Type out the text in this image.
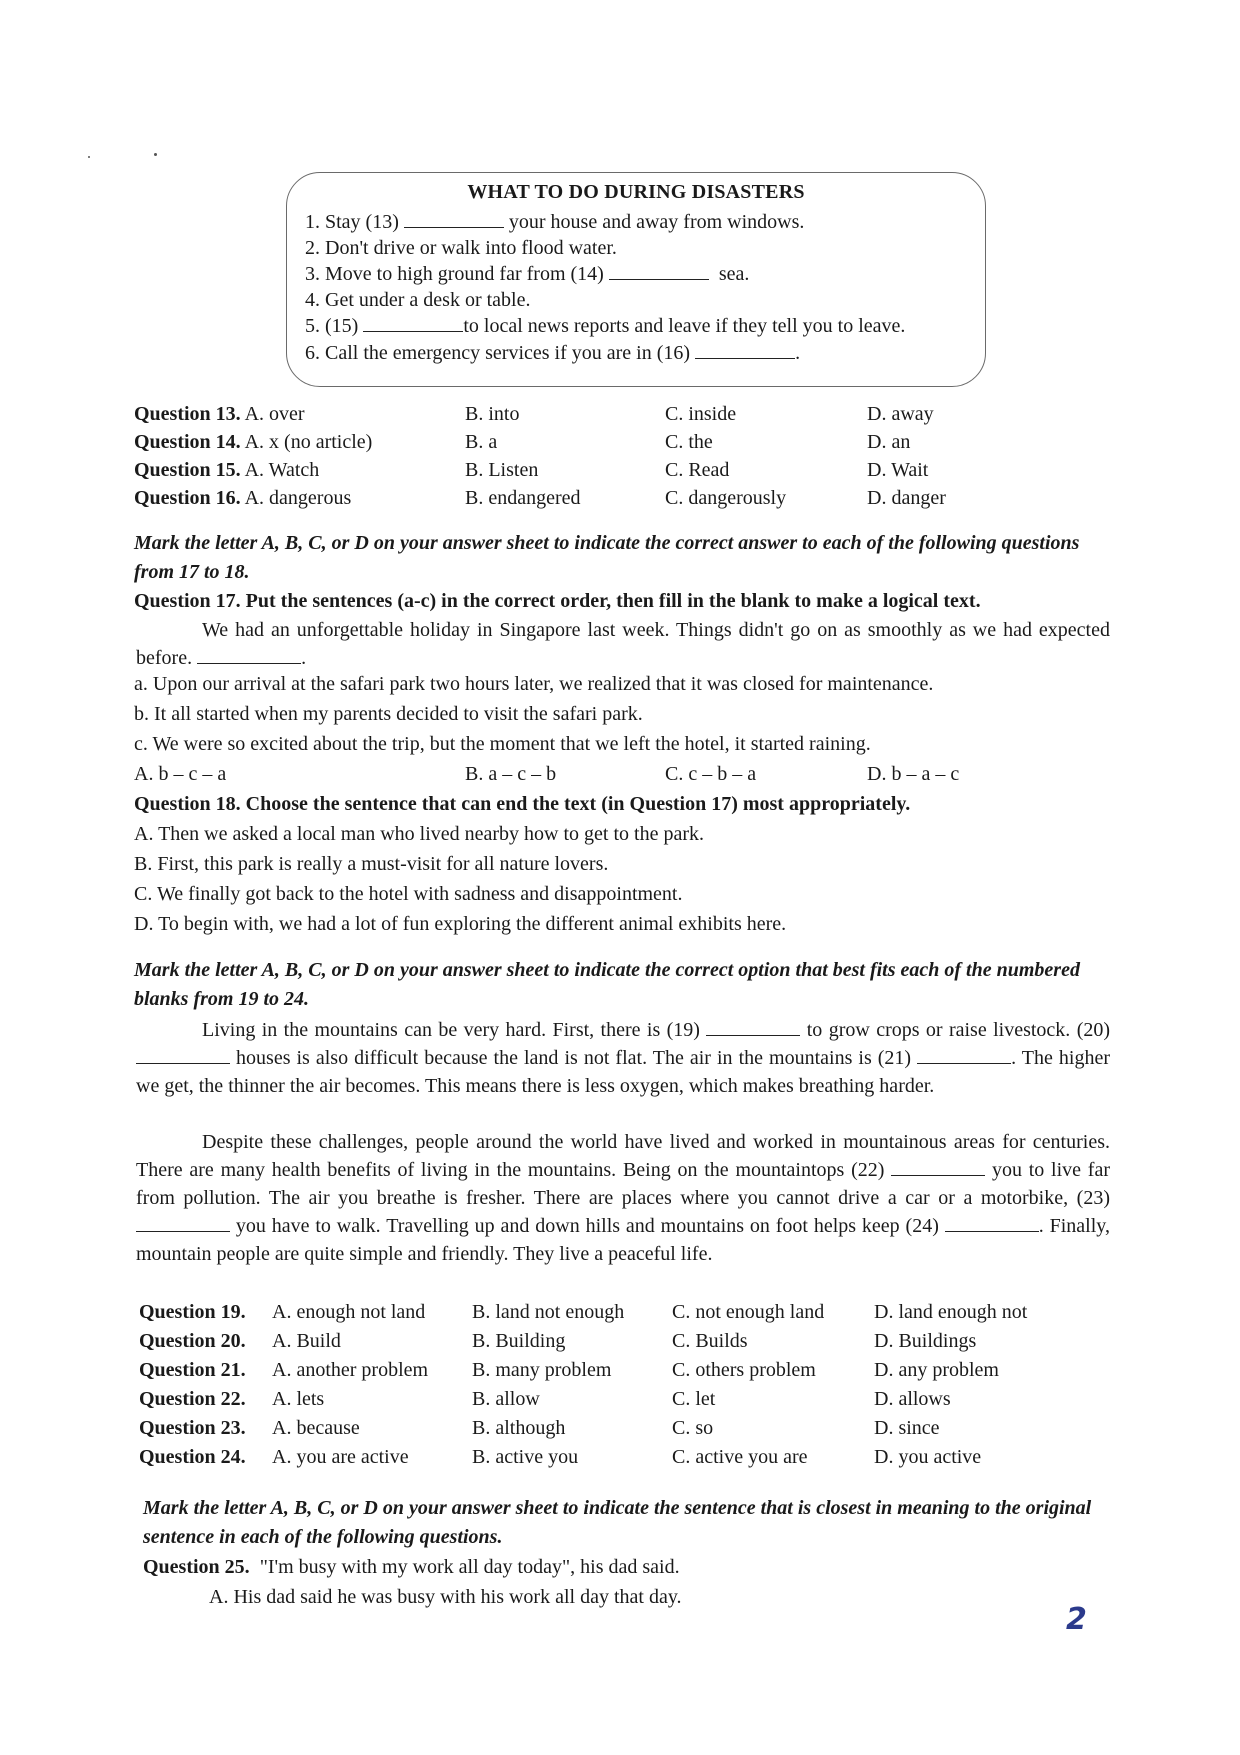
WHAT TO DO DURING DISASTERS
1. Stay (13)	your house and away from windows.
2. Don't drive or walk into flood water.
3. Move to high ground far from (14)	sea.
4. Get under a desk or table.
5. (15)	to local news reports and leave if they tell you to leave.
6. Call the emergency services if you are in (16)	.
Question 13. A. over	B. into	C. inside	D. away
Question 14. A. x (no article)	B. a	C. the	D. an
Question 15. A. Watch	B. Listen	C. Read	D. Wait
Question 16. A. dangerous	B. endangered	C. dangerously	D. danger
Mark the letter A, B, C, or D on your answer sheet to indicate the correct answer to each of the following questions from 17 to 18.
Question 17. Put the sentences (a-c) in the correct order, then fill in the blank to make a logical text.
We had an unforgettable holiday in Singapore last week. Things didn't go on as smoothly as we had expected before.	.
a. Upon our arrival at the safari park two hours later, we realized that it was closed for maintenance.
b. It all started when my parents decided to visit the safari park.
c. We were so excited about the trip, but the moment that we left the hotel, it started raining.
A. b – c – a	B. a – c – b	C. c – b – a	D. b – a – c
Question 18. Choose the sentence that can end the text (in Question 17) most appropriately.
A. Then we asked a local man who lived nearby how to get to the park.
B. First, this park is really a must-visit for all nature lovers.
C. We finally got back to the hotel with sadness and disappointment.
D. To begin with, we had a lot of fun exploring the different animal exhibits here.
Mark the letter A, B, C, or D on your answer sheet to indicate the correct option that best fits each of the numbered blanks from 19 to 24.
Living in the mountains can be very hard. First, there is (19)	to grow crops or raise livestock. (20)  houses is also difficult because the land is not flat. The air in the mountains is (21)	. The higher we get, the thinner the air becomes. This means there is less oxygen, which makes breathing harder.
Despite these challenges, people around the world have lived and worked in mountainous areas for centuries. There are many health benefits of living in the mountains. Being on the mountaintops (22)	you to live far from pollution. The air you breathe is fresher. There are places where you cannot drive a car or a motorbike, (23)  you have to walk. Travelling up and down hills and mountains on foot helps keep (24)	. Finally, mountain people are quite simple and friendly. They live a peaceful life.
Question 19. A. enough not land B. land not enough C. not enough land D. land enough not
Question 20. A. Build	B. Building	C. Builds	D. Buildings
Question 21. A. another problem B. many problem	C. others problem	D. any problem
Question 22. A. lets	B. allow	C. let	D. allows
Question 23. A. because	B. although	C. so	D. since
Question 24. A. you are active	B. active you	C. active you are	D. you active
Mark the letter A, B, C, or D on your answer sheet to indicate the sentence that is closest in meaning to the original sentence in each of the following questions.
Question 25. "I'm busy with my work all day today", his dad said.
A. His dad said he was busy with his work all day that day.
2
